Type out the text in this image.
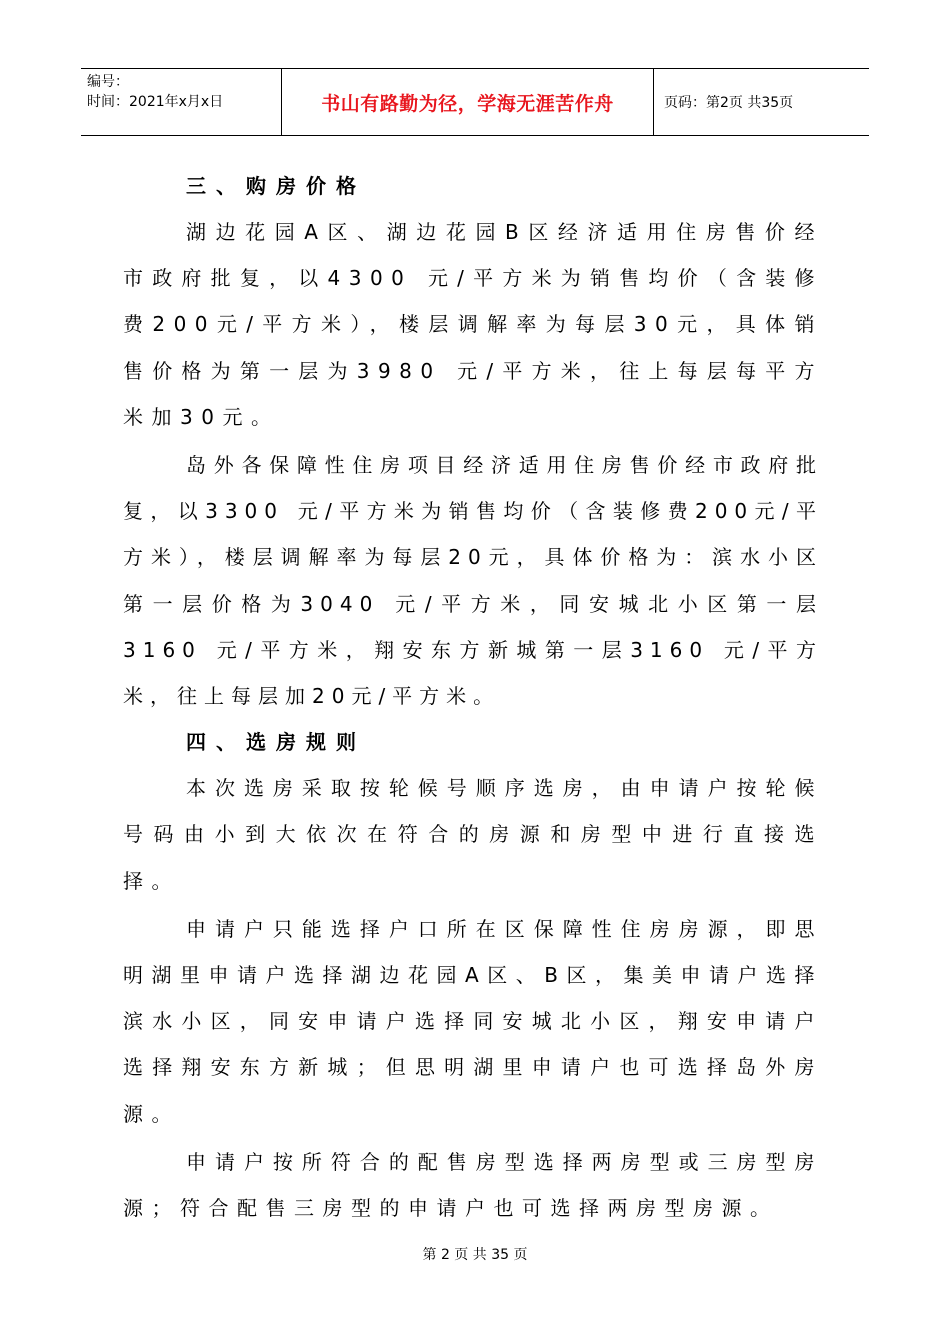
编号：
时间：2021年x月x日	书山有路勤为径，学海无涯苦作舟	页码：第2页 共35页
三、购房价格

湖边花园A区、湖边花园B区经济适用住房售价经市政府批复，以4300 元/平方米为销售均价（含装修费200元/平方米），楼层调解率为每层30元，具体销售价格为第一层为3980 元/平方米，往上每层每平方米加30元。

岛外各保障性住房项目经济适用住房售价经市政府批复，以3300 元/平方米为销售均价（含装修费200元/平方米），楼层调解率为每层20元，具体价格为：滨水小区第一层价格为3040 元/平方米，同安城北小区第一层3160 元/平方米，翔安东方新城第一层3160 元/平方米，往上每层加20元/平方米。

四、选房规则

本次选房采取按轮候号顺序选房，由申请户按轮候号码由小到大依次在符合的房源和房型中进行直接选择。

申请户只能选择户口所在区保障性住房房源，即思明湖里申请户选择湖边花园A区、B区，集美申请户选择滨水小区，同安申请户选择同安城北小区，翔安申请户选择翔安东方新城；但思明湖里申请户也可选择岛外房源。

申请户按所符合的配售房型选择两房型或三房型房源；符合配售三房型的申请户也可选择两房型房源。

第 2 页 共 35 页
